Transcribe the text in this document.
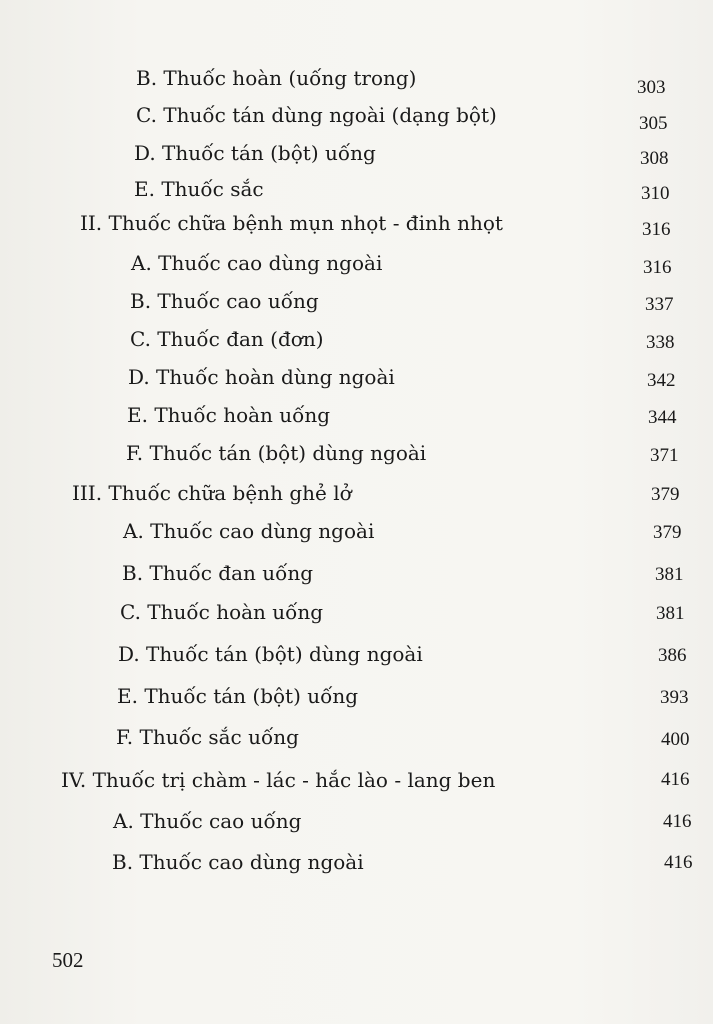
B. Thuốc hoàn (uống trong)	303
C. Thuốc tán dùng ngoài (dạng bột)	305
D. Thuốc tán (bột) uống	308
E. Thuốc sắc	310
II. Thuốc chữa bệnh mụn nhọt - đinh nhọt	316
A. Thuốc cao dùng ngoài	316
B. Thuốc cao uống	337
C. Thuốc đan (đơn)	338
D. Thuốc hoàn dùng ngoài	342
E. Thuốc hoàn uống	344
F. Thuốc tán (bột) dùng ngoài	371
III. Thuốc chữa bệnh ghẻ lở	379
A. Thuốc cao dùng ngoài	379
B. Thuốc đan uống	381
C. Thuốc hoàn uống	381
D. Thuốc tán (bột) dùng ngoài	386
E. Thuốc tán (bột) uống	393
F. Thuốc sắc uống	400
IV. Thuốc trị chàm - lác - hắc lào - lang ben	416
A. Thuốc cao uống	416
B. Thuốc cao dùng ngoài	416
502
